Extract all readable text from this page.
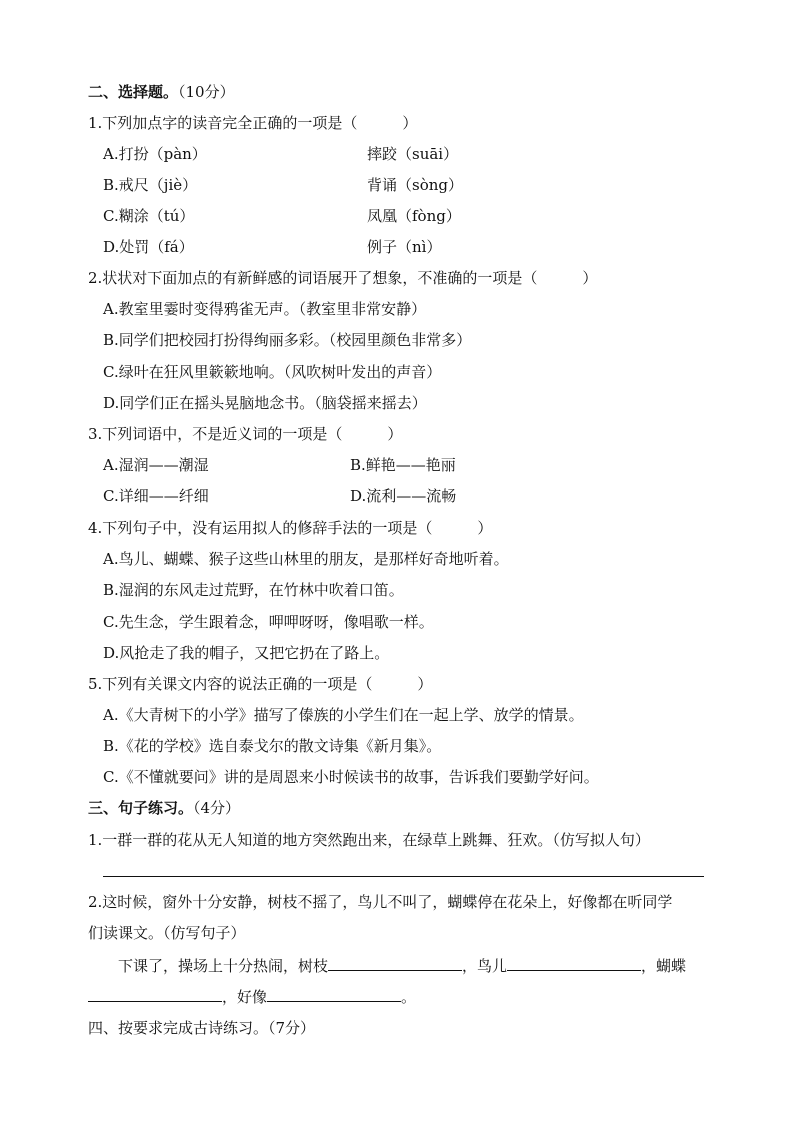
二、选择题。（10分）
1.下列加点字的读音完全正确的一项是（　　　）
A.打扮（pàn）	摔跤（suāi）
B.戒尺（jiè）	背诵（sòng）
C.糊涂（tú）	凤凰（fòng）
D.处罚（fá）	例子（nì）
2.状状对下面加点的有新鲜感的词语展开了想象，不准确的一项是（　　　）
A.教室里霎时变得鸦雀无声。（教室里非常安静）
B.同学们把校园打扮得绚丽多彩。（校园里颜色非常多）
C.绿叶在狂风里簌簌地响。（风吹树叶发出的声音）
D.同学们正在摇头晃脑地念书。（脑袋摇来摇去）
3.下列词语中，不是近义词的一项是（　　　）
A.湿润——潮湿	B.鲜艳——艳丽
C.详细——纤细	D.流利——流畅
4.下列句子中，没有运用拟人的修辞手法的一项是（　　　）
A.鸟儿、蝴蝶、猴子这些山林里的朋友，是那样好奇地听着。
B.湿润的东风走过荒野，在竹林中吹着口笛。
C.先生念，学生跟着念，呷呷呀呀，像唱歌一样。
D.风抢走了我的帽子，又把它扔在了路上。
5.下列有关课文内容的说法正确的一项是（　　　）
A.《大青树下的小学》描写了傣族的小学生们在一起上学、放学的情景。
B.《花的学校》选自泰戈尔的散文诗集《新月集》。
C.《不懂就要问》讲的是周恩来小时候读书的故事，告诉我们要勤学好问。
三、句子练习。（4分）
1.一群一群的花从无人知道的地方突然跑出来，在绿草上跳舞、狂欢。（仿写拟人句）
2.这时候，窗外十分安静，树枝不摇了，鸟儿不叫了，蝴蝶停在花朵上，好像都在听同学
们读课文。（仿写句子）
下课了，操场上十分热闹，树枝	，鸟儿	，蝴蝶
，好像	。
四、按要求完成古诗练习。（7分）
